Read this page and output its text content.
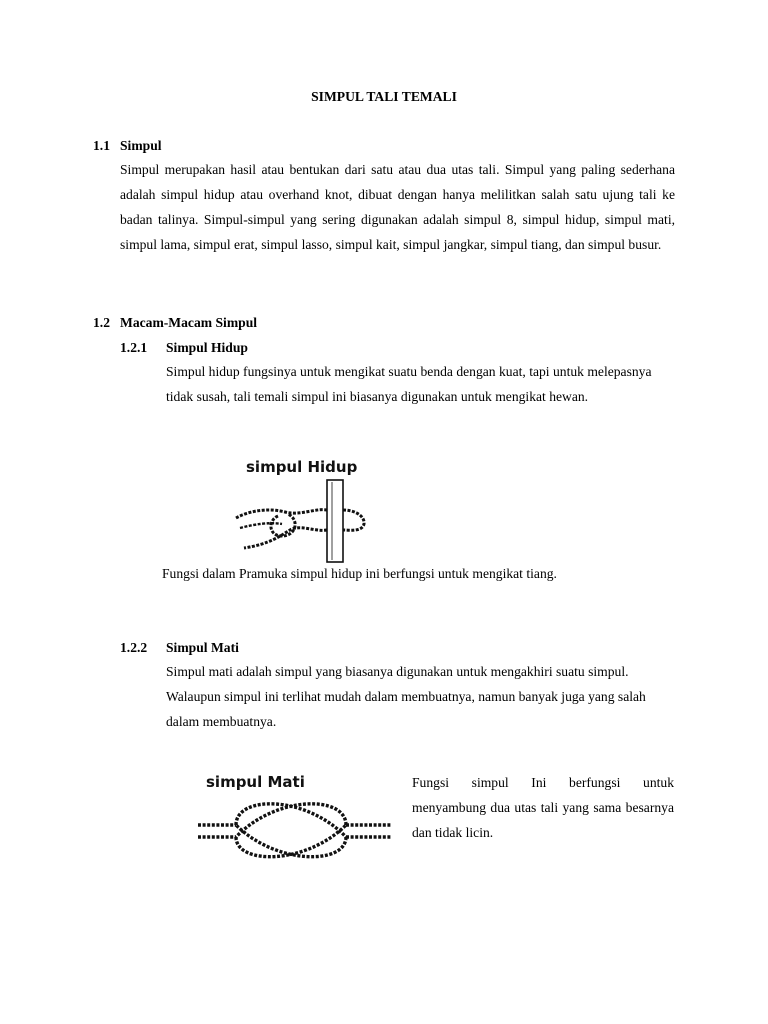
SIMPUL TALI TEMALI
1.1 Simpul

Simpul merupakan hasil atau bentukan dari satu atau dua utas tali. Simpul yang paling sederhana adalah simpul hidup atau overhand knot, dibuat dengan hanya melilitkan salah satu ujung tali ke badan talinya. Simpul-simpul yang sering digunakan adalah simpul 8, simpul hidup, simpul mati, simpul lama, simpul erat, simpul lasso, simpul kait, simpul jangkar, simpul tiang, dan simpul busur.

1.2 Macam-Macam Simpul
1.2.1 Simpul Hidup

Simpul hidup fungsinya untuk mengikat suatu benda dengan kuat, tapi untuk melepasnya tidak susah, tali temali simpul ini biasanya digunakan untuk mengikat hewan.

simpul Hidup
Fungsi dalam Pramuka simpul hidup ini berfungsi untuk mengikat tiang.
1.2.2 Simpul Mati

Simpul mati adalah simpul yang biasanya digunakan untuk mengakhiri suatu simpul. Walaupun simpul ini terlihat mudah dalam membuatnya, namun banyak juga yang salah dalam membuatnya.

simpul Mati	Fungsi simpul Ini berfungsi untuk menyambung dua utas tali yang sama besarnya dan tidak licin.
